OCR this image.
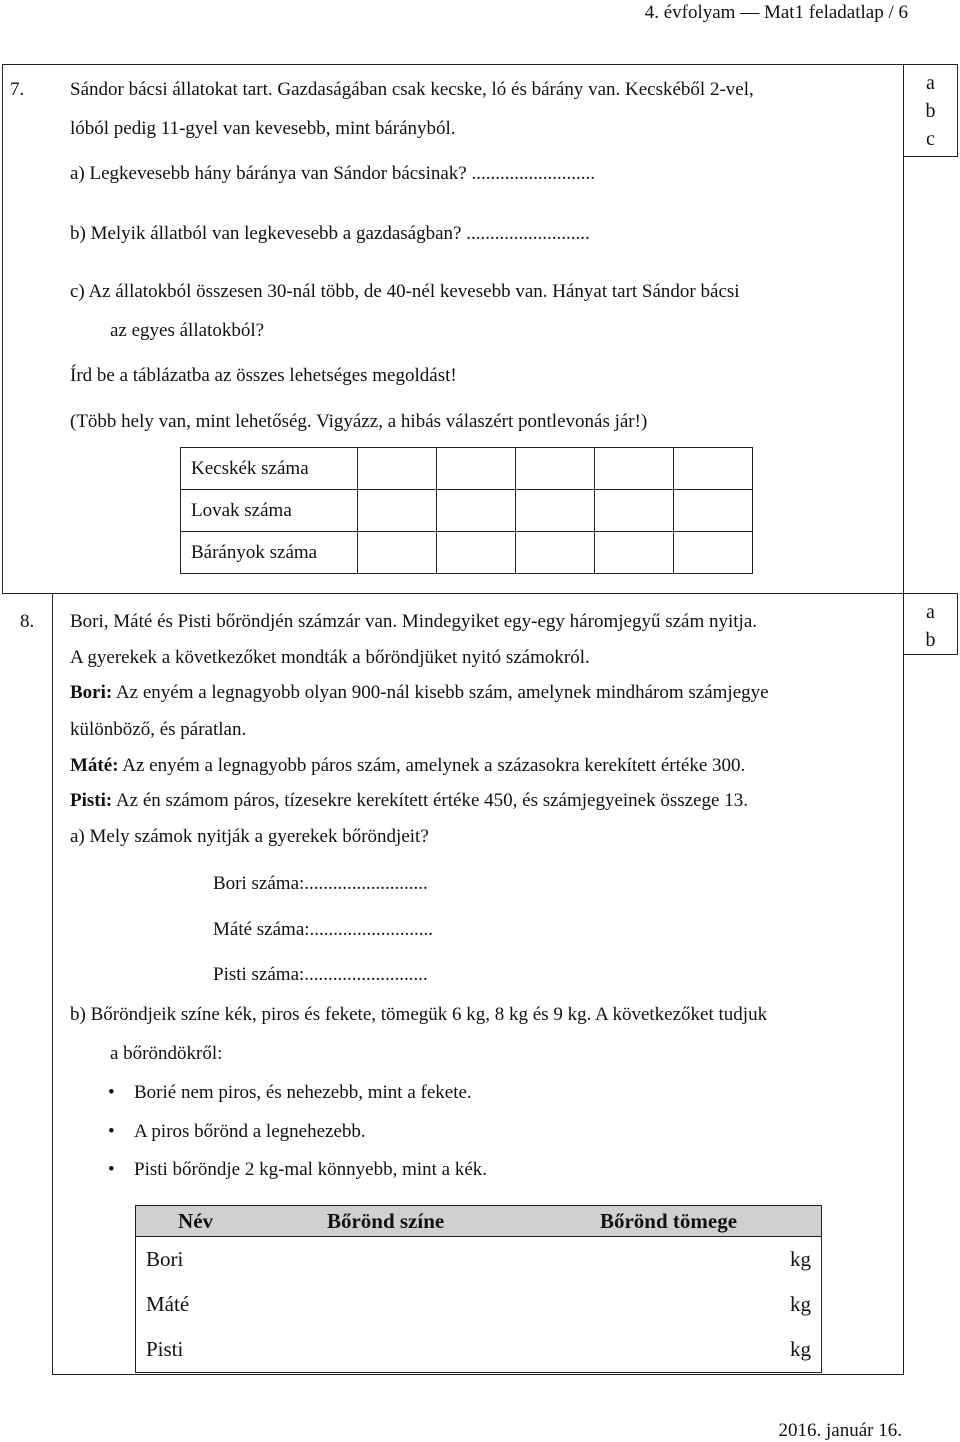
4. évfolyam — Mat1 feladatlap / 6
a
b
c
7. Sándor bácsi állatokat tart. Gazdaságában csak kecske, ló és bárány van. Kecskéből 2-vel,
lóból pedig 11-gyel van kevesebb, mint bárányból.
a) Legkevesebb hány báránya van Sándor bácsinak? ..........................
b) Melyik állatból van legkevesebb a gazdaságban? ..........................
c) Az állatokból összesen 30-nál több, de 40-nél kevesebb van. Hányat tart Sándor bácsi
az egyes állatokból?
Írd be a táblázatba az összes lehetséges megoldást!
(Több hely van, mint lehetőség. Vigyázz, a hibás válaszért pontlevonás jár!)
Kecskék száma					
Lovak száma					
Bárányok száma					
a
b
8. Bori, Máté és Pisti bőröndjén számzár van. Mindegyiket egy-egy háromjegyű szám nyitja.
A gyerekek a következőket mondták a bőröndjüket nyitó számokról.
Bori: Az enyém a legnagyobb olyan 900-nál kisebb szám, amelynek mindhárom számjegye
különböző, és páratlan.
Máté: Az enyém a legnagyobb páros szám, amelynek a százasokra kerekített értéke 300.
Pisti: Az én számom páros, tízesekre kerekített értéke 450, és számjegyeinek összege 13.
a) Mely számok nyitják a gyerekek bőröndjeit?
Bori száma:..........................
Máté száma:..........................
Pisti száma:..........................
b) Bőröndjeik színe kék, piros és fekete, tömegük 6 kg, 8 kg és 9 kg. A következőket tudjuk
a bőröndökről:
• Borié nem piros, és nehezebb, mint a fekete.
• A piros bőrönd a legnehezebb.
• Pisti bőröndje 2 kg-mal könnyebb, mint a kék.
Név	Bőrönd színe	Bőrönd tömege
Bori		kg
Máté		kg
Pisti		kg
2016. január 16.
